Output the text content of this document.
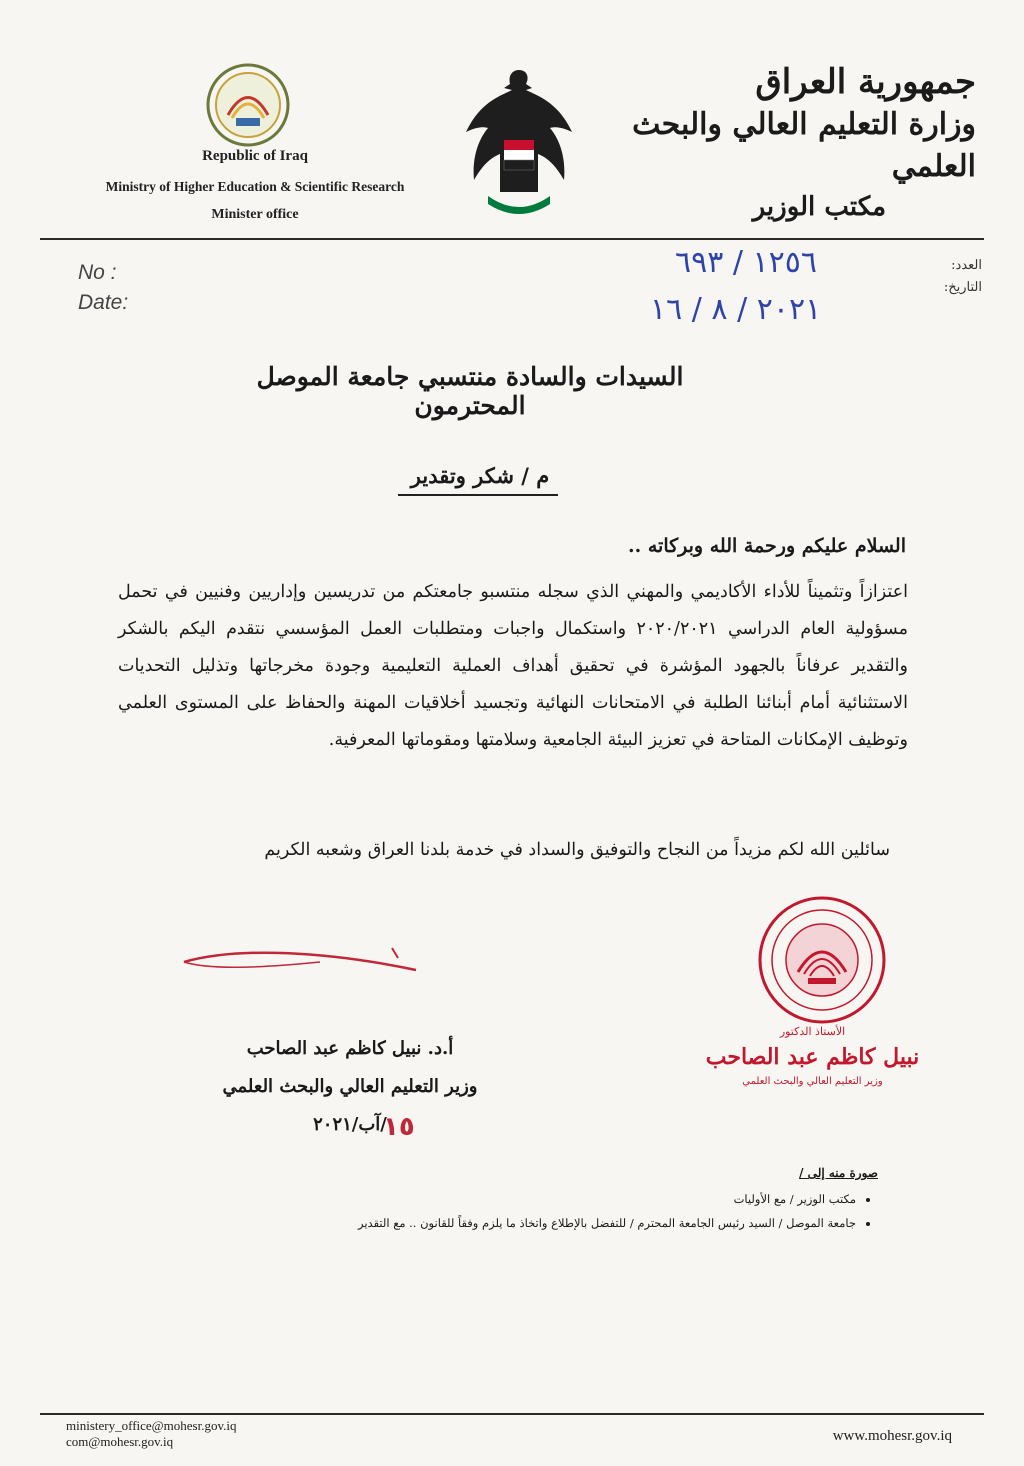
Republic of Iraq
Ministry of Higher Education & Scientific Research
Minister office
جمهورية العراق
وزارة التعليم العالي والبحث العلمي
مكتب الوزير
No :
Date:
العدد:
التاريخ:
١٢٥٦ / ٦٩٣
٢٠٢١ / ٨ / ١٦
السيدات والسادة منتسبي جامعة الموصل المحترمون
م / شكر وتقدير
السلام عليكم ورحمة الله وبركاته ..
اعتزازاً وتثميناً للأداء الأكاديمي والمهني الذي سجله منتسبو جامعتكم من تدريسين وإداريين وفنيين في تحمل مسؤولية العام الدراسي ٢٠٢٠/٢٠٢١ واستكمال واجبات ومتطلبات العمل المؤسسي نتقدم اليكم بالشكر والتقدير عرفاناً بالجهود المؤشرة في تحقيق أهداف العملية التعليمية وجودة مخرجاتها وتذليل التحديات الاستثنائية أمام أبنائنا الطلبة في الامتحانات النهائية وتجسيد أخلاقيات المهنة والحفاظ على المستوى العلمي وتوظيف الإمكانات المتاحة في تعزيز البيئة الجامعية وسلامتها ومقوماتها المعرفية.
سائلين الله لكم مزيداً من النجاح والتوفيق والسداد في خدمة بلدنا العراق وشعبه الكريم
أ.د. نبيل كاظم عبد الصاحب
وزير التعليم العالي والبحث العلمي
/آب/٢٠٢١
١٥
الأستاذ الدكتور
نبيل كاظم عبد الصاحب
وزير التعليم العالي والبحث العلمي
صورة منه إلى /
• مكتب الوزير / مع الأوليات
• جامعة الموصل / السيد رئيس الجامعة المحترم / للتفضل بالإطلاع واتخاذ ما يلزم وفقاً للقانون .. مع التقدير
ministery_office@mohesr.gov.iq
com@mohesr.gov.iq	www.mohesr.gov.iq
